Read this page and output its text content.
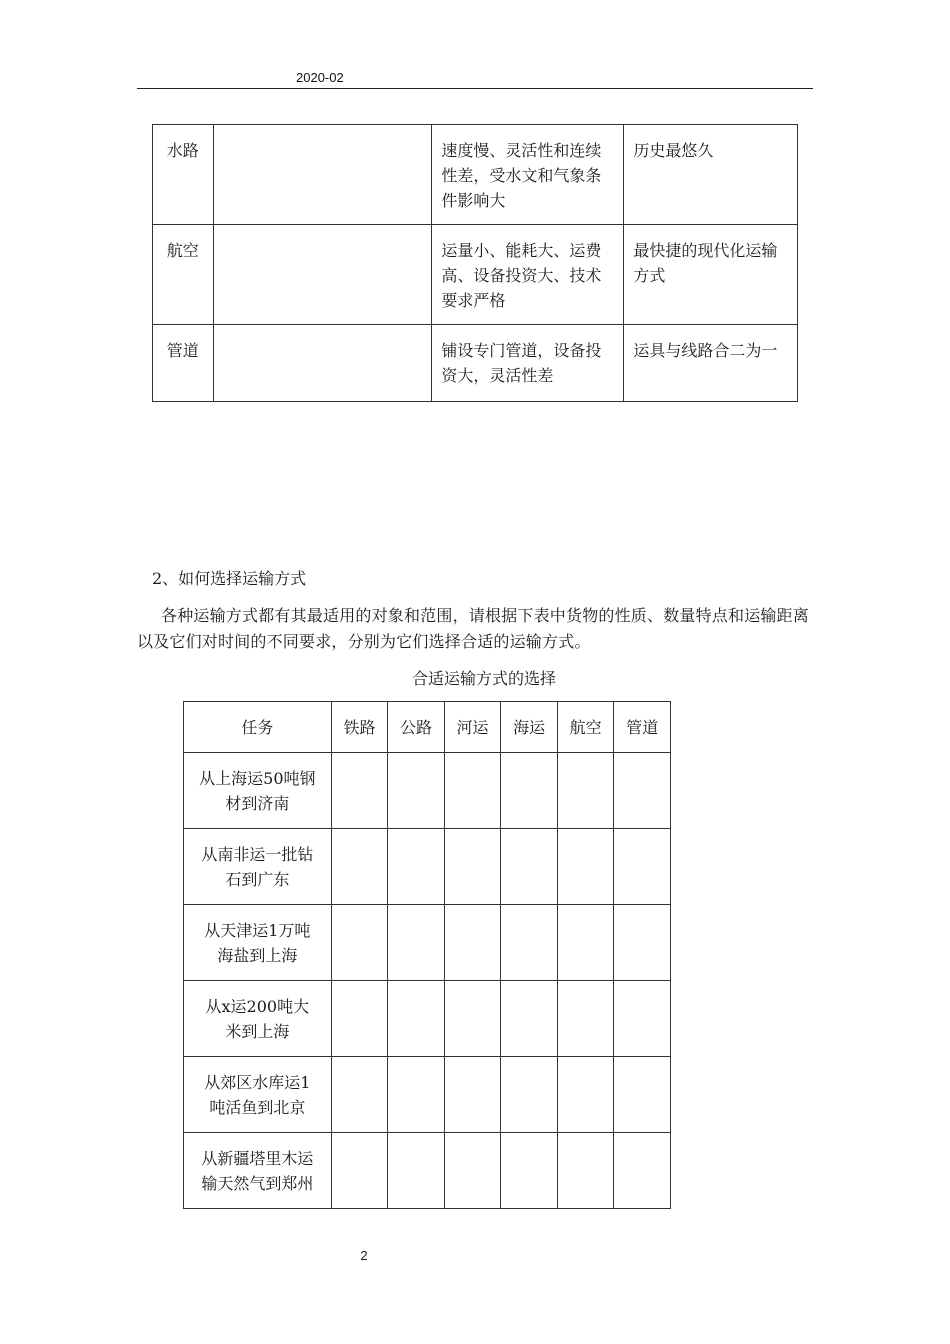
2020-02
水路		速度慢、灵活性和连续性差，受水文和气象条件影响大	历史最悠久
航空		运量小、能耗大、运费高、设备投资大、技术要求严格	最快捷的现代化运输方式
管道		铺设专门管道，设备投资大，灵活性差	运具与线路合二为一
2、如何选择运输方式
各种运输方式都有其最适用的对象和范围，请根据下表中货物的性质、数量特点和运输距离以及它们对时间的不同要求，分别为它们选择合适的运输方式。
合适运输方式的选择
任务	铁路	公路	河运	海运	航空	管道
从上海运50吨钢材到济南						
从南非运一批钻石到广东						
从天津运1万吨海盐到上海						
从x运200吨大米到上海						
从郊区水库运1吨活鱼到北京						
从新疆塔里木运输天然气到郑州						
2
